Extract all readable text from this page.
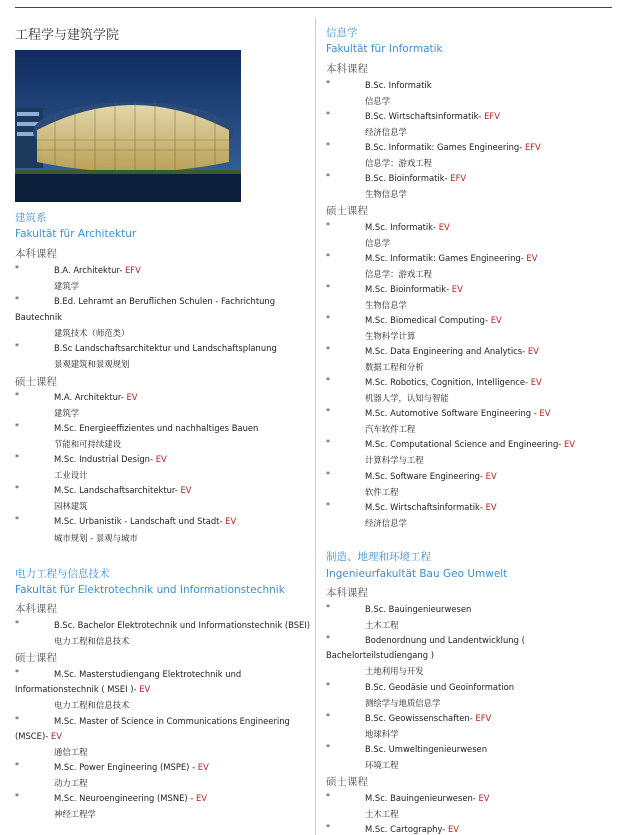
工程学与建筑学院
建筑系
Fakultät für Architektur
本科课程
*	B.A. Architektur- EFV
建筑学
*	B.Ed. Lehramt an Beruflichen Schulen - Fachrichtung
Bautechnik
建筑技术（师范类）
*	B.Sc Landschaftsarchitektur und Landschaftsplanung
景观建筑和景观规划
硕士课程
*	M.A. Architektur- EV
建筑学
*	M.Sc. Energieeffizientes und nachhaltiges Bauen
节能和可持续建设
*	M.Sc. Industrial Design- EV
工业设计
*	M.Sc. Landschaftsarchitektur- EV
园林建筑
*	M.Sc. Urbanistik - Landschaft und Stadt- EV
城市规划 - 景观与城市
电力工程与信息技术
Fakultät für Elektrotechnik und Informationstechnik
本科课程
*	B.Sc. Bachelor Elektrotechnik und Informationstechnik (BSEI)
电力工程和信息技术
硕士课程
*	M.Sc. Masterstudiengang Elektrotechnik und
Informationstechnik ( MSEI )- EV
电力工程和信息技术
*	M.Sc. Master of Science in Communications Engineering
(MSCE)- EV
通信工程
*	M.Sc. Power Engineering (MSPE) - EV
动力工程
*	M.Sc. Neuroengineering (MSNE) - EV
神经工程学
信息学
Fakultät für Informatik
本科课程
*	B.Sc. Informatik
信息学
*	B.Sc. Wirtschaftsinformatik- EFV
经济信息学
*	B.Sc. Informatik: Games Engineering- EFV
信息学：游戏工程
*	B.Sc. Bioinformatik- EFV
生物信息学
硕士课程
*	M.Sc. Informatik- EV
信息学
*	M.Sc. Informatik: Games Engineering- EV
信息学：游戏工程
*	M.Sc. Bioinformatik- EV
生物信息学
*	M.Sc. Biomedical Computing- EV
生物科学计算
*	M.Sc. Data Engineering and Analytics- EV
数据工程和分析
*	M.Sc. Robotics, Cognition, Intelligence- EV
机器人学，认知与智能
*	M.Sc. Automotive Software Engineering - EV
汽车软件工程
*	M.Sc. Computational Science and Engineering- EV
计算科学与工程
*	M.Sc. Software Engineering- EV
软件工程
*	M.Sc. Wirtschaftsinformatik- EV
经济信息学
制造、地理和环境工程
Ingenieurfakultät Bau Geo Umwelt
本科课程
*	B.Sc. Bauingenieurwesen
土木工程
*	Bodenordnung und Landentwicklung (
Bachelorteilstudiengang )
土地利用与开发
*	B.Sc. Geodäsie und Geoinformation
测绘学与地质信息学
*	B.Sc. Geowissenschaften- EFV
地球科学
*	B.Sc. Umweltingenieurwesen
环境工程
硕士课程
*	M.Sc. Bauingenieurwesen- EV
土木工程
*	M.Sc. Cartography- EV
